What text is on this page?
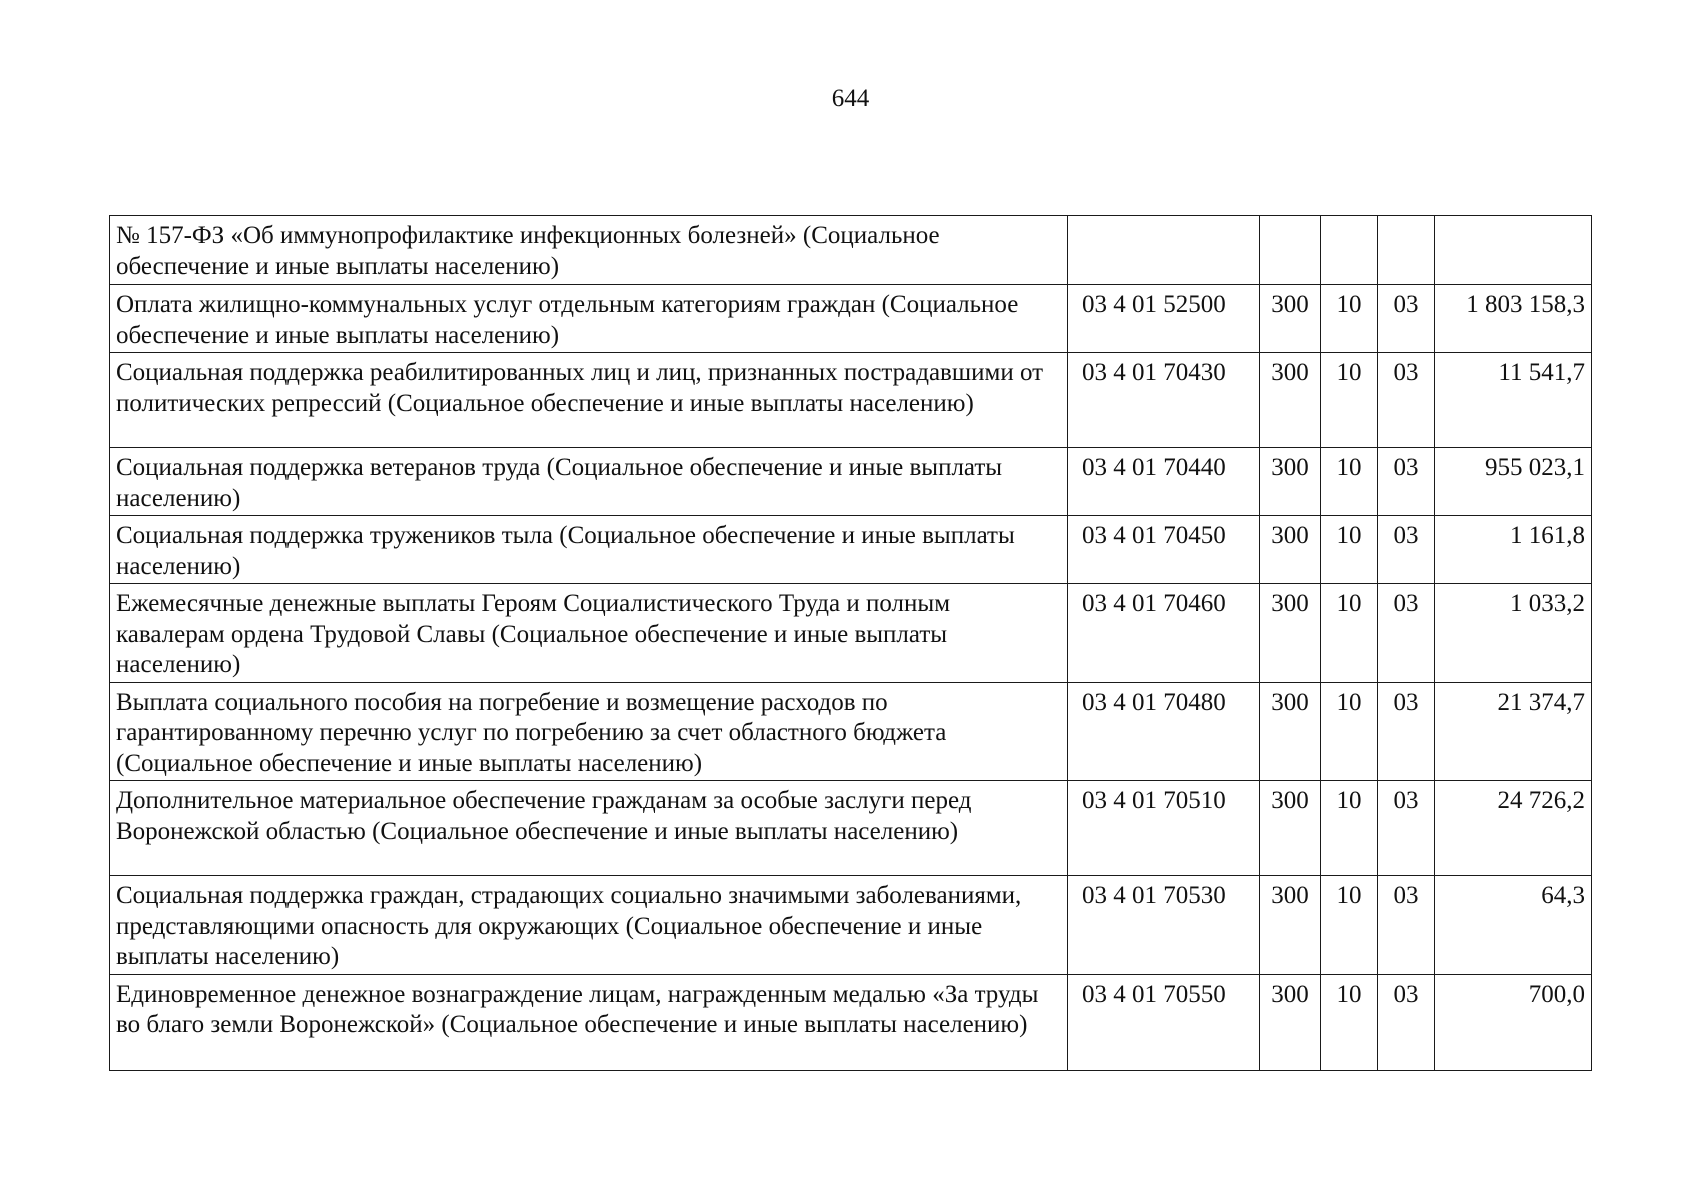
644
№ 157-ФЗ «Об иммунопрофилактике инфекционных болезней» (Социальное обеспечение и иные выплаты населению)					
Оплата жилищно-коммунальных услуг отдельным категориям граждан (Социальное обеспечение и иные выплаты населению)	03 4 01 52500	300	10	03	1 803 158,3
Социальная поддержка реабилитированных лиц и лиц, признанных пострадавшими от политических репрессий (Социальное обеспечение и иные выплаты населению)	03 4 01 70430	300	10	03	11 541,7
Социальная поддержка ветеранов труда (Социальное обеспечение и иные выплаты населению)	03 4 01 70440	300	10	03	955 023,1
Социальная поддержка тружеников тыла (Социальное обеспечение и иные выплаты населению)	03 4 01 70450	300	10	03	1 161,8
Ежемесячные денежные выплаты Героям Социалистического Труда и полным кавалерам ордена Трудовой Славы (Социальное обеспечение и иные выплаты населению)	03 4 01 70460	300	10	03	1 033,2
Выплата социального пособия на погребение и возмещение расходов по гарантированному перечню услуг по погребению за счет областного бюджета (Социальное обеспечение и иные выплаты населению)	03 4 01 70480	300	10	03	21 374,7
Дополнительное материальное обеспечение гражданам за особые заслуги перед Воронежской областью (Социальное обеспечение и иные выплаты населению)	03 4 01 70510	300	10	03	24 726,2
Социальная поддержка граждан, страдающих социально значимыми заболеваниями, представляющими опасность для окружающих (Социальное обеспечение и иные выплаты населению)	03 4 01 70530	300	10	03	64,3
Единовременное денежное вознаграждение лицам, награжденным медалью «За труды во благо земли Воронежской» (Социальное обеспечение и иные выплаты населению)	03 4 01 70550	300	10	03	700,0
